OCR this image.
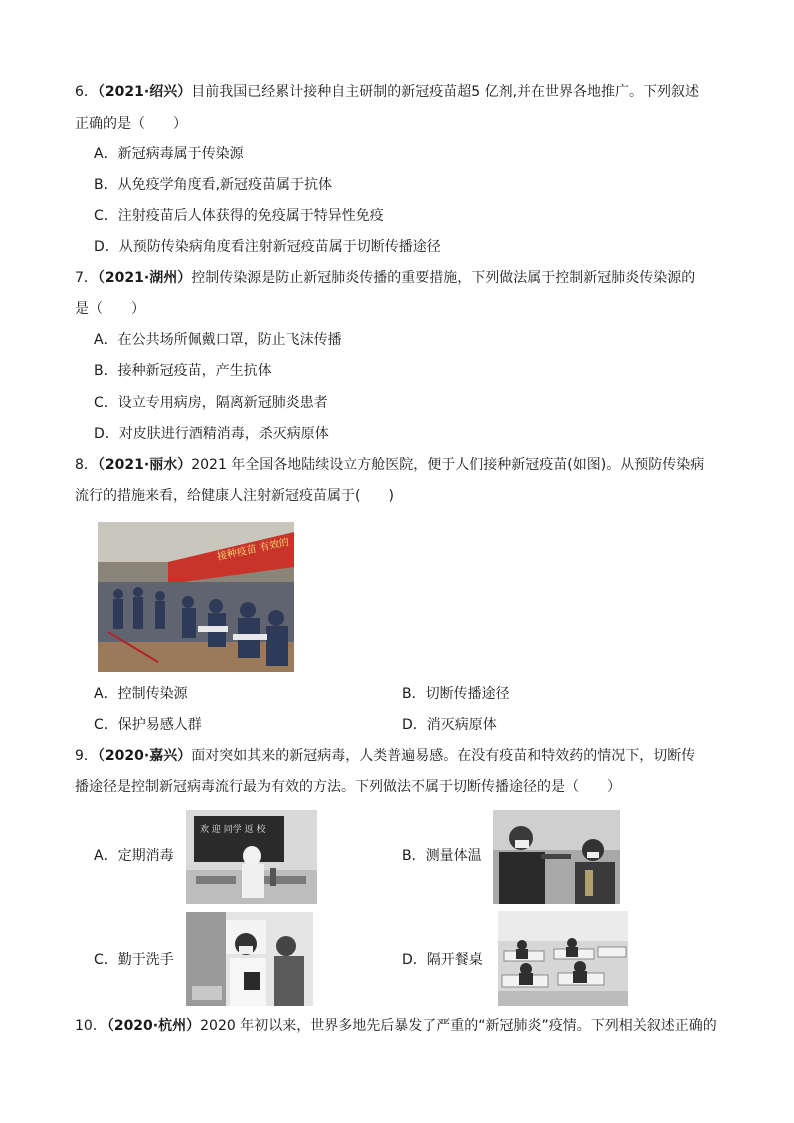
6．（2021·绍兴）目前我国已经累计接种自主研制的新冠疫苗超5 亿剂,并在世界各地推广。下列叙述
正确的是（　　）
A．新冠病毒属于传染源
B．从免疫学角度看,新冠疫苗属于抗体
C．注射疫苗后人体获得的免疫属于特异性免疫
D．从预防传染病角度看注射新冠疫苗属于切断传播途径
7．（2021·湖州）控制传染源是防止新冠肺炎传播的重要措施，下列做法属于控制新冠肺炎传染源的
是（　　）
A．在公共场所佩戴口罩，防止飞沫传播
B．接种新冠疫苗，产生抗体
C．设立专用病房，隔离新冠肺炎患者
D．对皮肤进行酒精消毒，杀灭病原体
8．（2021·丽水）2021 年全国各地陆续设立方舱医院，便于人们接种新冠疫苗(如图)。从预防传染病
流行的措施来看，给健康人注射新冠疫苗属于(　　)
接种疫苗 有效的
A．控制传染源	B．切断传播途径
C．保护易感人群	D．消灭病原体
9．（2020·嘉兴）面对突如其来的新冠病毒，人类普遍易感。在没有疫苗和特效药的情况下，切断传
播途径是控制新冠病毒流行最为有效的方法。下列做法不属于切断传播途径的是（　　）
A．定期消毒
欢 迎 同学 返 校
B．测量体温
C．勤于洗手	D．隔开餐桌
10．（2020·杭州）2020 年初以来，世界多地先后暴发了严重的“新冠肺炎”疫情。下列相关叙述正确的
